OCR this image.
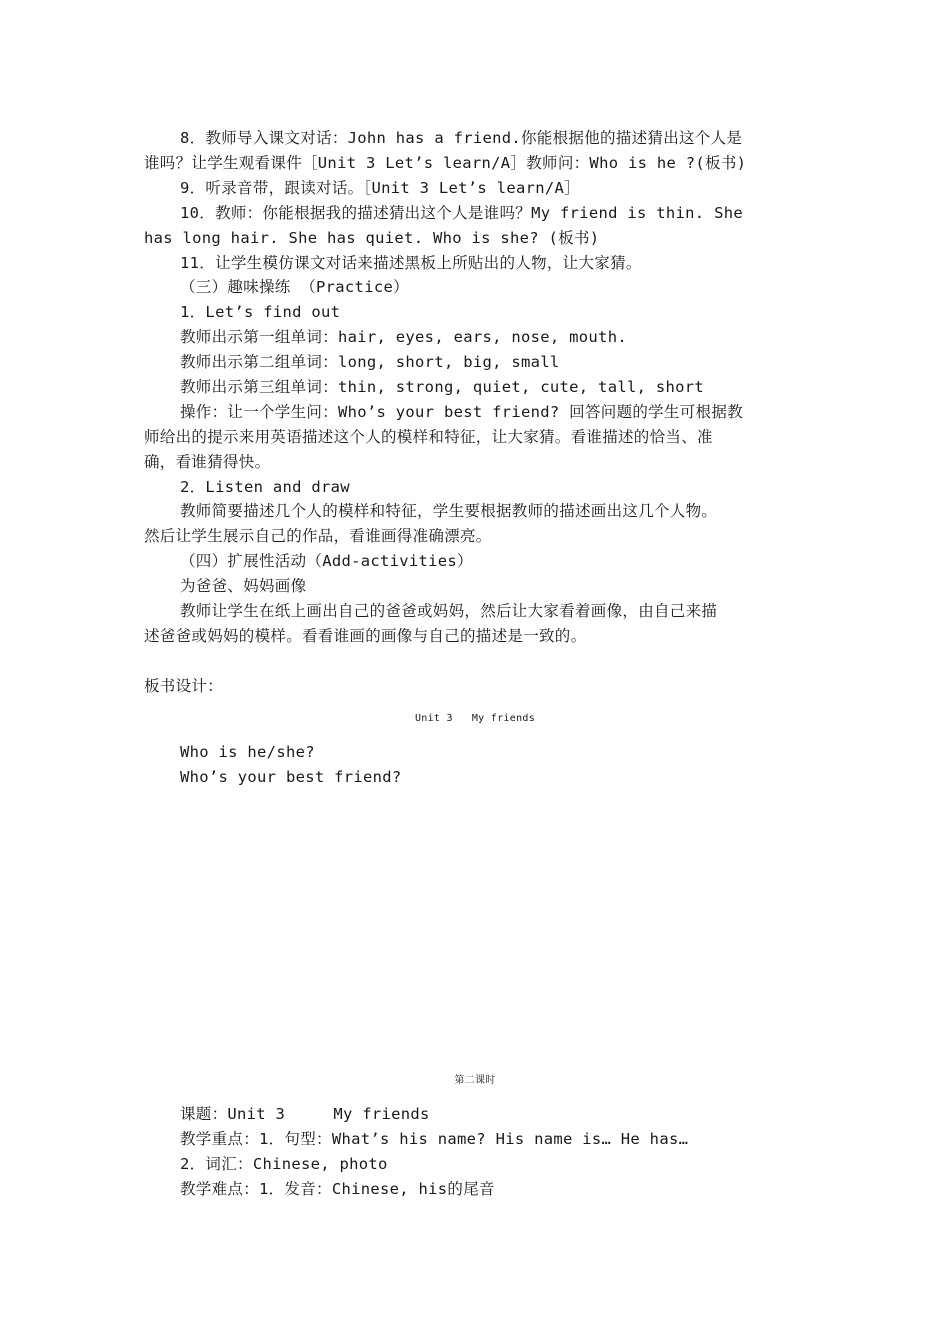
8．教师导入课文对话：John has a friend.你能根据他的描述猜出这个人是
谁吗？让学生观看课件［Unit 3 Let’s learn/A］教师问：Who is he ?(板书)
9．听录音带，跟读对话。［Unit 3 Let’s learn/A］
10．教师：你能根据我的描述猜出这个人是谁吗？My friend is thin. She
has long hair. She has quiet. Who is she? (板书)
11．让学生模仿课文对话来描述黑板上所贴出的人物，让大家猜。
（三）趣味操练 （Practice）
1．Let’s find out
教师出示第一组单词：hair, eyes, ears, nose, mouth.
教师出示第二组单词：long, short, big, small
教师出示第三组单词：thin, strong, quiet, cute, tall, short
操作：让一个学生问：Who’s your best friend? 回答问题的学生可根据教
师给出的提示来用英语描述这个人的模样和特征，让大家猜。看谁描述的恰当、准
确，看谁猜得快。
2．Listen and draw
教师简要描述几个人的模样和特征，学生要根据教师的描述画出这几个人物。
然后让学生展示自己的作品，看谁画得准确漂亮。
（四）扩展性活动（Add-activities）
为爸爸、妈妈画像
教师让学生在纸上画出自己的爸爸或妈妈，然后让大家看着画像，由自己来描
述爸爸或妈妈的模样。看看谁画的画像与自己的描述是一致的。
板书设计：
Unit 3   My friends
Who is he/she?
Who’s your best friend?
第二课时
课题：Unit 3     My friends
教学重点：1．句型：What’s his name? His name is… He has…
2．词汇：Chinese, photo
教学难点：1．发音：Chinese, his的尾音
